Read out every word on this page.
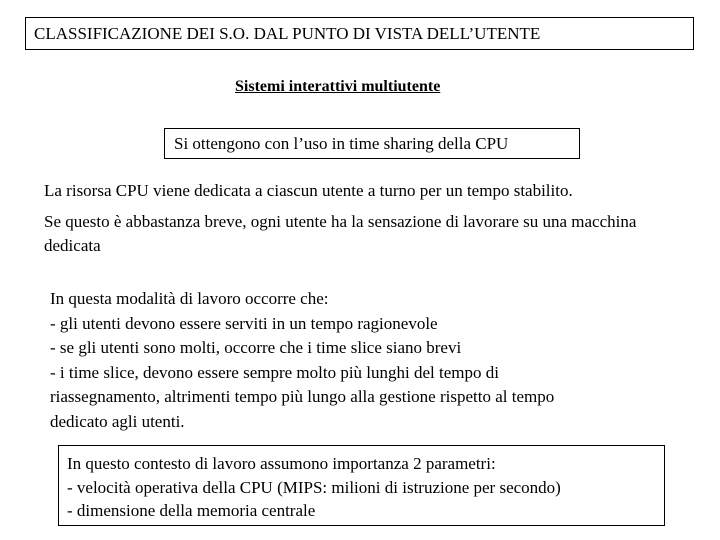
CLASSIFICAZIONE DEI S.O. DAL PUNTO DI VISTA DELL’UTENTE
Sistemi interattivi multiutente
Si ottengono con l’uso in time sharing della CPU
La risorsa CPU viene dedicata a ciascun utente a turno per un tempo stabilito.
Se questo è abbastanza breve, ogni utente ha la sensazione di lavorare su una macchina dedicata
In questa modalità di lavoro occorre che:
- gli utenti devono essere serviti in un tempo ragionevole
- se gli utenti sono molti, occorre che i time slice siano brevi
- i time slice, devono essere sempre molto più lunghi del tempo di
riassegnamento, altrimenti tempo più lungo alla gestione rispetto al tempo
dedicato agli utenti.
In questo contesto di lavoro assumono importanza 2 parametri:
- velocità operativa della CPU (MIPS: milioni di istruzione per secondo)
- dimensione della memoria centrale
